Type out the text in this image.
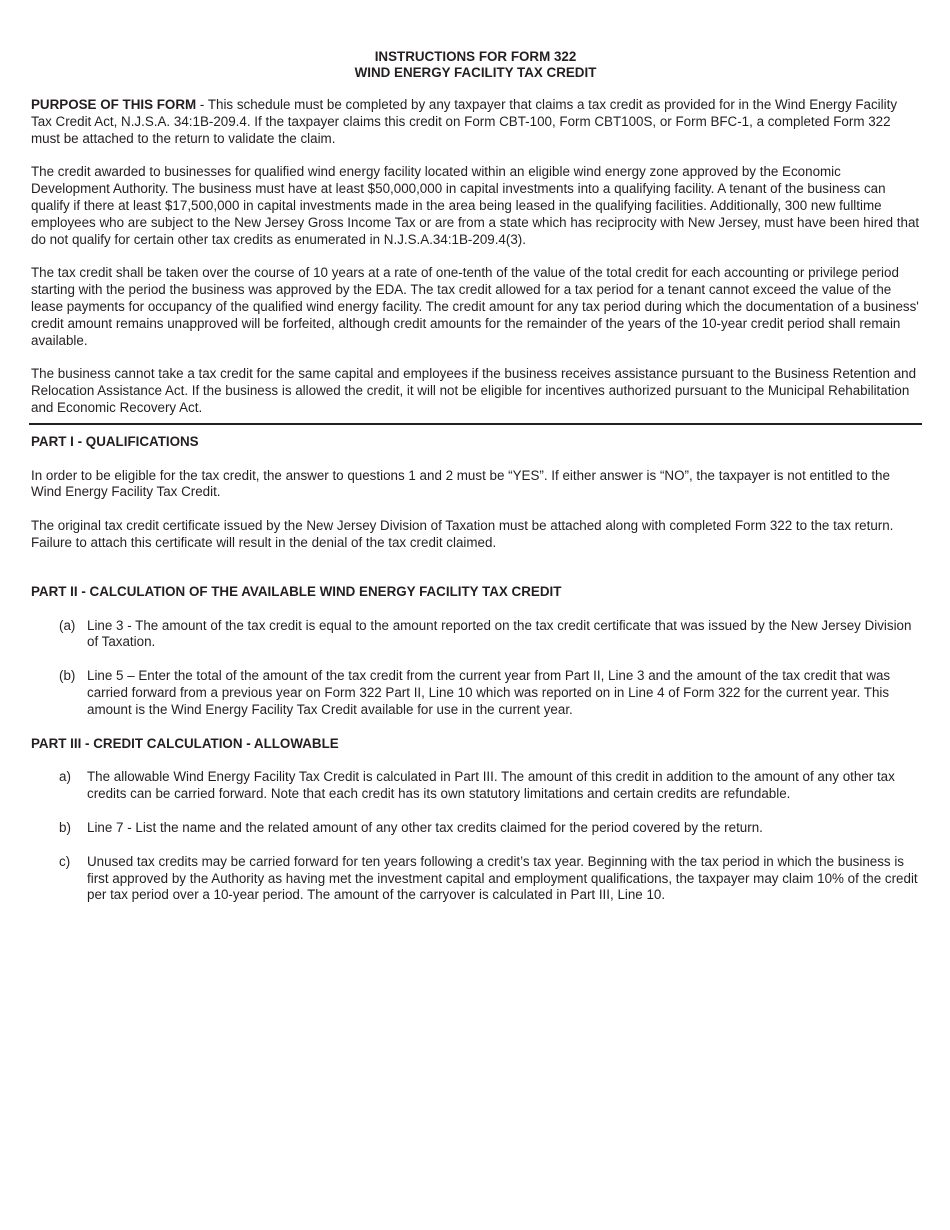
INSTRUCTIONS FOR FORM 322
WIND ENERGY FACILITY TAX CREDIT

PURPOSE OF THIS FORM - This schedule must be completed by any taxpayer that claims a tax credit as provided for in the Wind Energy Facility Tax Credit Act, N.J.S.A. 34:1B-209.4. If the taxpayer claims this credit on Form CBT-100, Form CBT100S, or Form BFC-1, a completed Form 322 must be attached to the return to validate the claim.

The credit awarded to businesses for qualified wind energy facility located within an eligible wind energy zone approved by the Economic Development Authority. The business must have at least $50,000,000 in capital investments into a qualifying facility. A tenant of the business can qualify if there at least $17,500,000 in capital investments made in the area being leased in the qualifying facilities. Additionally, 300 new fulltime employees who are subject to the New Jersey Gross Income Tax or are from a state which has reciprocity with New Jersey, must have been hired that do not qualify for certain other tax credits as enumerated in N.J.S.A.34:1B-209.4(3).

The tax credit shall be taken over the course of 10 years at a rate of one-tenth of the value of the total credit for each accounting or privilege period starting with the period the business was approved by the EDA. The tax credit allowed for a tax period for a tenant cannot exceed the value of the lease payments for occupancy of the qualified wind energy facility. The credit amount for any tax period during which the documentation of a business' credit amount remains unapproved will be forfeited, although credit amounts for the remainder of the years of the 10-year credit period shall remain available.

The business cannot take a tax credit for the same capital and employees if the business receives assistance pursuant to the Business Retention and Relocation Assistance Act. If the business is allowed the credit, it will not be eligible for incentives authorized pursuant to the Municipal Rehabilitation and Economic Recovery Act.

PART I - QUALIFICATIONS

In order to be eligible for the tax credit, the answer to questions 1 and 2 must be “YES”. If either answer is “NO”, the taxpayer is not entitled to the Wind Energy Facility Tax Credit.

The original tax credit certificate issued by the New Jersey Division of Taxation must be attached along with completed Form 322 to the tax return. Failure to attach this certificate will result in the denial of the tax credit claimed.

PART II - CALCULATION OF THE AVAILABLE WIND ENERGY FACILITY TAX CREDIT
(a) Line 3 - The amount of the tax credit is equal to the amount reported on the tax credit certificate that was issued by the New Jersey Division of Taxation.
(b) Line 5 – Enter the total of the amount of the tax credit from the current year from Part II, Line 3 and the amount of the tax credit that was carried forward from a previous year on Form 322 Part II, Line 10 which was reported on in Line 4 of Form 322 for the current year. This amount is the Wind Energy Facility Tax Credit available for use in the current year.
PART III - CREDIT CALCULATION - ALLOWABLE
a)	The allowable Wind Energy Facility Tax Credit is calculated in Part III. The amount of this credit in addition to the amount of any other tax credits can be carried forward. Note that each credit has its own statutory limitations and certain credits are refundable.
b)	Line 7 - List the name and the related amount of any other tax credits claimed for the period covered by the return.
c)	Unused tax credits may be carried forward for ten years following a credit’s tax year. Beginning with the tax period in which the business is first approved by the Authority as having met the investment capital and employment qualifications, the taxpayer may claim 10% of the credit per tax period over a 10-year period. The amount of the carryover is calculated in Part III, Line 10.
